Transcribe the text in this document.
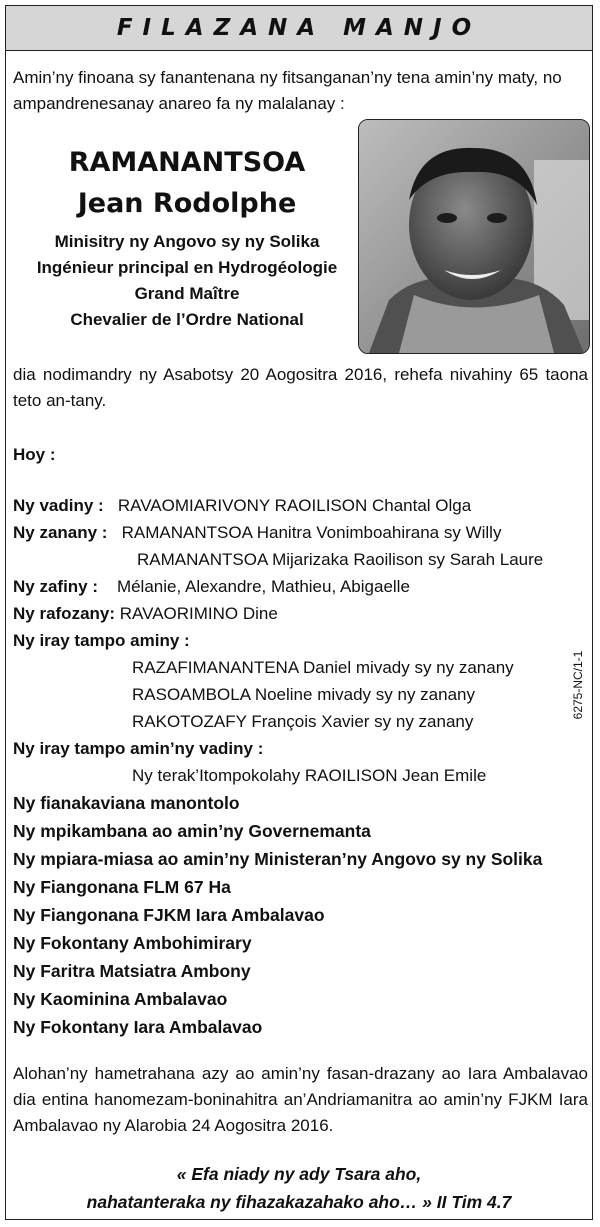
FILAZANA MANJO
Amin’ny finoana sy fanantenana ny fitsanganan’ny tena amin’ny maty, no ampandrenesanay anareo fa ny malalanay :
RAMANANTSOA
Jean Rodolphe
Minisitry ny Angovo sy ny Solika
Ingénieur principal en Hydrogéologie
Grand Maître
Chevalier de l’Ordre National
dia nodimandry ny Asabotsy 20 Aogositra 2016, rehefa nivahiny 65 taona teto an-tany.
Hoy :
Ny vadiny : RAVAOMIARIVONY RAOILISON Chantal Olga
Ny zanany : RAMANANTSOA Hanitra Vonimboahirana sy Willy
RAMANANTSOA Mijarizaka Raoilison sy Sarah Laure
Ny zafiny : Mélanie, Alexandre, Mathieu, Abigaelle
Ny rafozany: RAVAORIMINO Dine
Ny iray tampo aminy :
RAZAFIMANANTENA Daniel mivady sy ny zanany
RASOAMBOLA Noeline mivady sy ny zanany
RAKOTOZAFY François Xavier sy ny zanany
Ny iray tampo amin’ny vadiny :
Ny terak’Itompokolahy RAOILISON Jean Emile
Ny fianakaviana manontolo
Ny mpikambana ao amin’ny Governemanta
Ny mpiara-miasa ao amin’ny Ministeran’ny Angovo sy ny Solika
Ny Fiangonana FLM 67 Ha
Ny Fiangonana FJKM Iara Ambalavao
Ny Fokontany Ambohimirary
Ny Faritra Matsiatra Ambony
Ny Kaominina Ambalavao
Ny Fokontany Iara Ambalavao
6275-NC/1-1
Alohan’ny hametrahana azy ao amin’ny fasan-drazany ao Iara Ambalavao dia entina hanomezam-boninahitra an’Andriamanitra ao amin’ny FJKM Iara Ambalavao ny Alarobia 24 Aogositra 2016.
« Efa niady ny ady Tsara aho,
nahatanteraka ny fihazakazahako aho… » II Tim 4.7
